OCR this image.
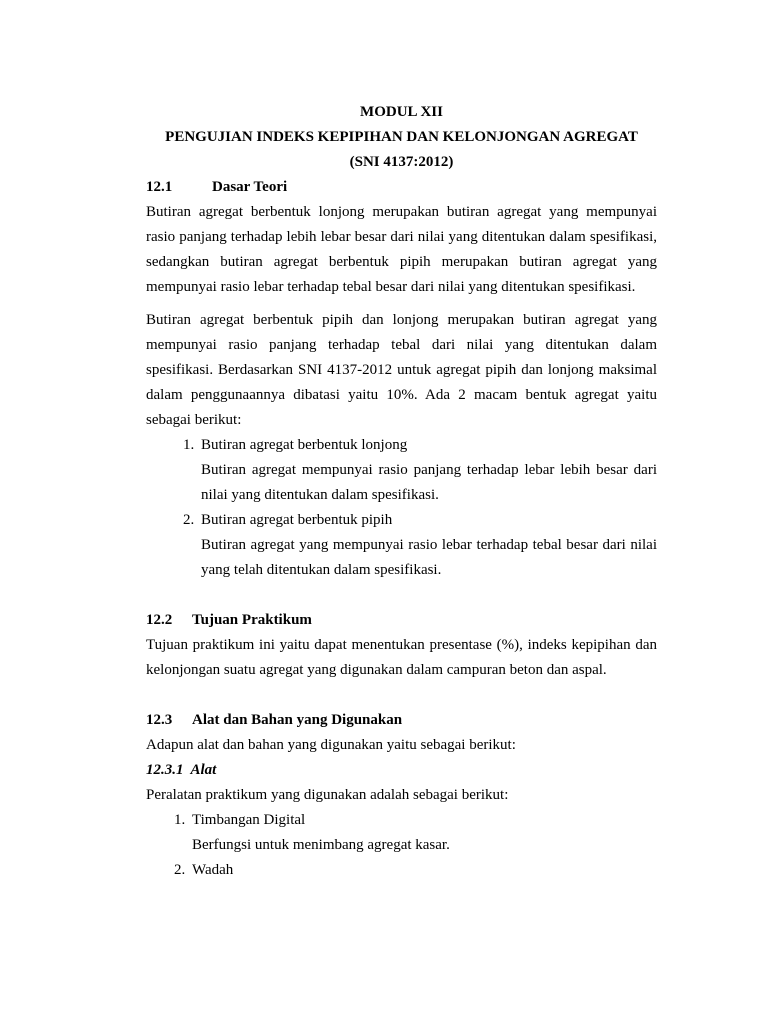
MODUL XII
PENGUJIAN INDEKS KEPIPIHAN DAN KELONJONGAN AGREGAT
(SNI 4137:2012)
12.1	Dasar Teori

Butiran agregat berbentuk lonjong merupakan butiran agregat yang mempunyai rasio panjang terhadap lebih lebar besar dari nilai yang ditentukan dalam spesifikasi, sedangkan butiran agregat berbentuk pipih merupakan butiran agregat yang mempunyai rasio lebar terhadap tebal besar dari nilai yang ditentukan spesifikasi.

Butiran agregat berbentuk pipih dan lonjong merupakan butiran agregat yang mempunyai rasio panjang terhadap tebal dari nilai yang ditentukan dalam spesifikasi. Berdasarkan SNI 4137-2012 untuk agregat pipih dan lonjong maksimal dalam penggunaannya dibatasi yaitu 10%. Ada 2 macam bentuk agregat yaitu sebagai berikut:

1. Butiran agregat berbentuk lonjong
Butiran agregat mempunyai rasio panjang terhadap lebar lebih besar dari nilai yang ditentukan dalam spesifikasi.
2. Butiran agregat berbentuk pipih
Butiran agregat yang mempunyai rasio lebar terhadap tebal besar dari nilai yang telah ditentukan dalam spesifikasi.
12.2	Tujuan Praktikum

Tujuan praktikum ini yaitu dapat menentukan presentase (%), indeks kepipihan dan kelonjongan suatu agregat yang digunakan dalam campuran beton dan aspal.

12.3	Alat dan Bahan yang Digunakan

Adapun alat dan bahan yang digunakan yaitu sebagai berikut:

12.3.1 Alat

Peralatan praktikum yang digunakan adalah sebagai berikut:

1. Timbangan Digital
Berfungsi untuk menimbang agregat kasar.
2. Wadah
